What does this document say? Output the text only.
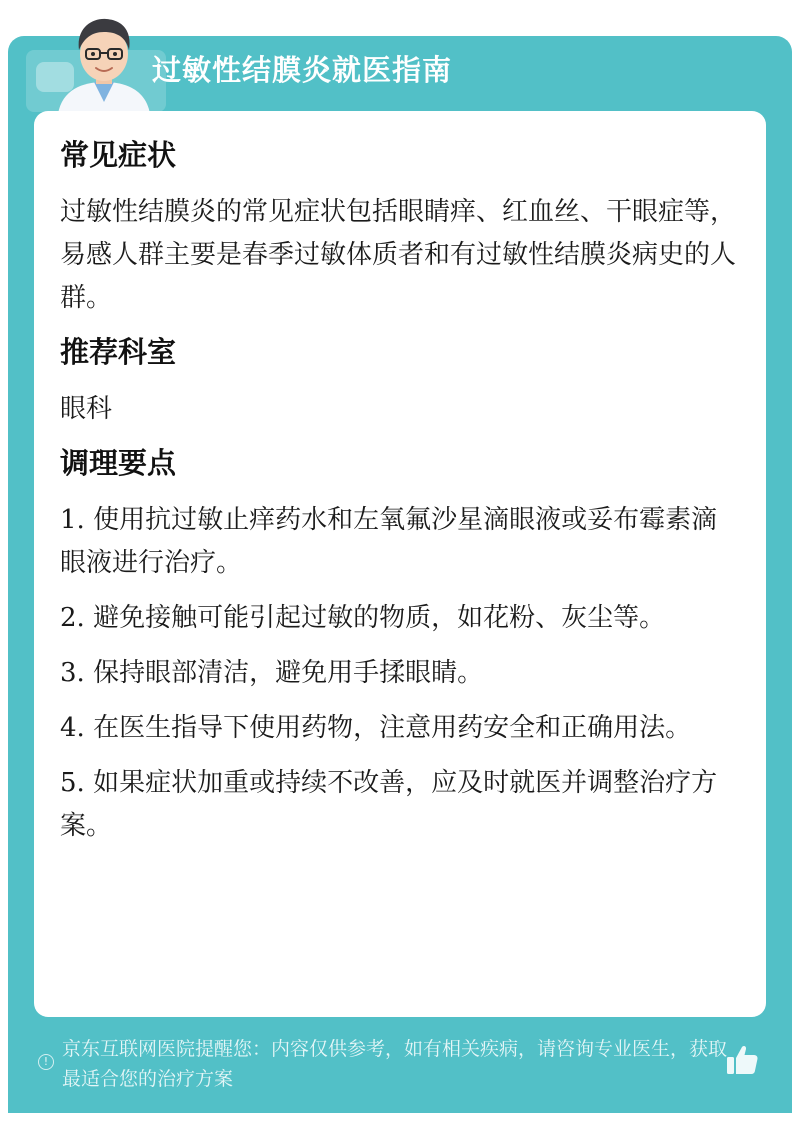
过敏性结膜炎就医指南
常见症状
过敏性结膜炎的常见症状包括眼睛痒、红血丝、干眼症等，易感人群主要是春季过敏体质者和有过敏性结膜炎病史的人群。
推荐科室
眼科
调理要点
1. 使用抗过敏止痒药水和左氧氟沙星滴眼液或妥布霉素滴眼液进行治疗。
2. 避免接触可能引起过敏的物质，如花粉、灰尘等。
3. 保持眼部清洁，避免用手揉眼睛。
4. 在医生指导下使用药物，注意用药安全和正确用法。
5. 如果症状加重或持续不改善，应及时就医并调整治疗方案。
!
京东互联网医院提醒您：内容仅供参考，如有相关疾病，请咨询专业医生，获取最适合您的治疗方案
